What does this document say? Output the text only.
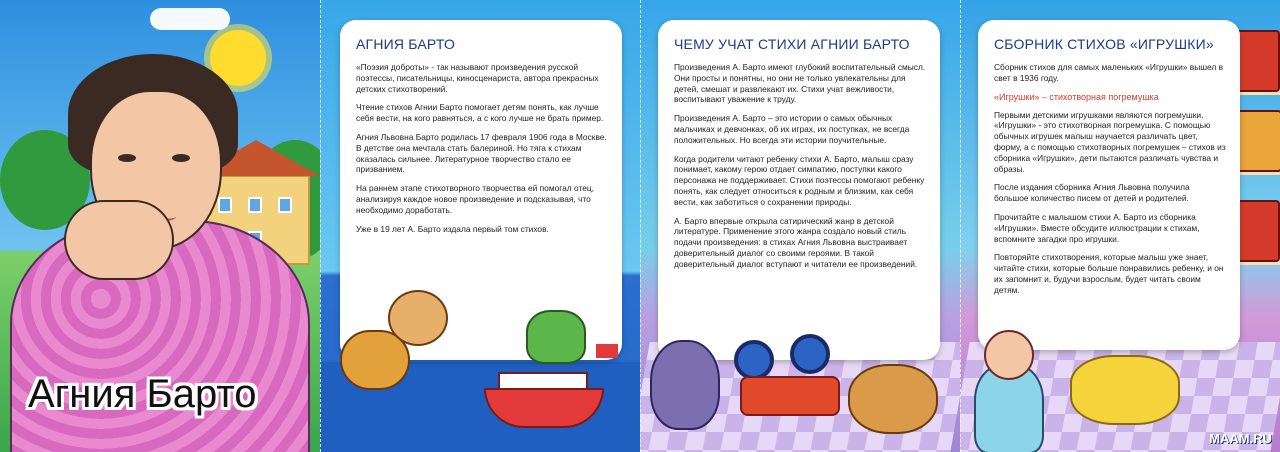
Агния Барто
АГНИЯ БАРТО

«Поэзия доброты» - так называют произведения русской поэтессы, писательницы, киносценариста, автора прекрасных детских стихотворений.

Чтение стихов Агнии Барто помогает детям понять, как лучше себя вести, на кого равняться, а с кого лучше не брать пример.

Агния Львовна Барто родилась 17 февраля 1906 года в Москве. В детстве она мечтала стать балериной. Но тяга к стихам оказалась сильнее. Литературное творчество стало ее призванием.

На раннем этапе стихотворного творчества ей помогал отец, анализируя каждое новое произведение и подсказывая, что необходимо доработать.

Уже в 19 лет А. Барто издала первый том стихов.

ЧЕМУ УЧАТ СТИХИ АГНИИ БАРТО

Произведения А. Барто имеют глубокий воспитательный смысл. Они просты и понятны, но они не только увлекательны для детей, смешат и развлекают их. Стихи учат вежливости, воспитывают уважение к труду.

Произведения А. Барто – это истории о самых обычных мальчиках и девчонках, об их играх, их поступках, не всегда положительных. Но всегда эти истории поучительные.

Когда родители читают ребенку стихи А. Барто, малыш сразу понимает, какому герою отдает симпатию, поступки какого персонажа не поддерживает. Стихи поэтессы помогают ребенку понять, как следует относиться к родным и близким, как себя вести, как заботиться о сохранении природы.

А. Барто впервые открыла сатирический жанр в детской литературе. Применение этого жанра создало новый стиль подачи произведения: в стихах Агния Львовна выстраивает доверительный диалог со своими героями. В такой доверительный диалог вступают и читатели ее произведений.

СБОРНИК СТИХОВ «ИГРУШКИ»

Сборник стихов для самых маленьких «Игрушки» вышел в свет в 1936 году.

«Игрушки» – стихотворная погремушка

Первыми детскими игрушками являются погремушки. «Игрушки» - это стихотворная погремушка. С помощью обычных игрушек малыш научается различать цвет, форму, а с помощью стихотворных погремушек – стихов из сборника «Игрушки», дети пытаются различать чувства и образы.

После издания сборника Агния Львовна получила большое количество писем от детей и родителей.

Прочитайте с малышом стихи А. Барто из сборника «Игрушки». Вместе обсудите иллюстрации к стихам, вспомните загадки про игрушки.

Повторяйте стихотворения, которые малыш уже знает, читайте стихи, которые больше понравились ребенку, и он их запомнит и, будучи взрослым, будет читать своим детям.

MAAM.RU
